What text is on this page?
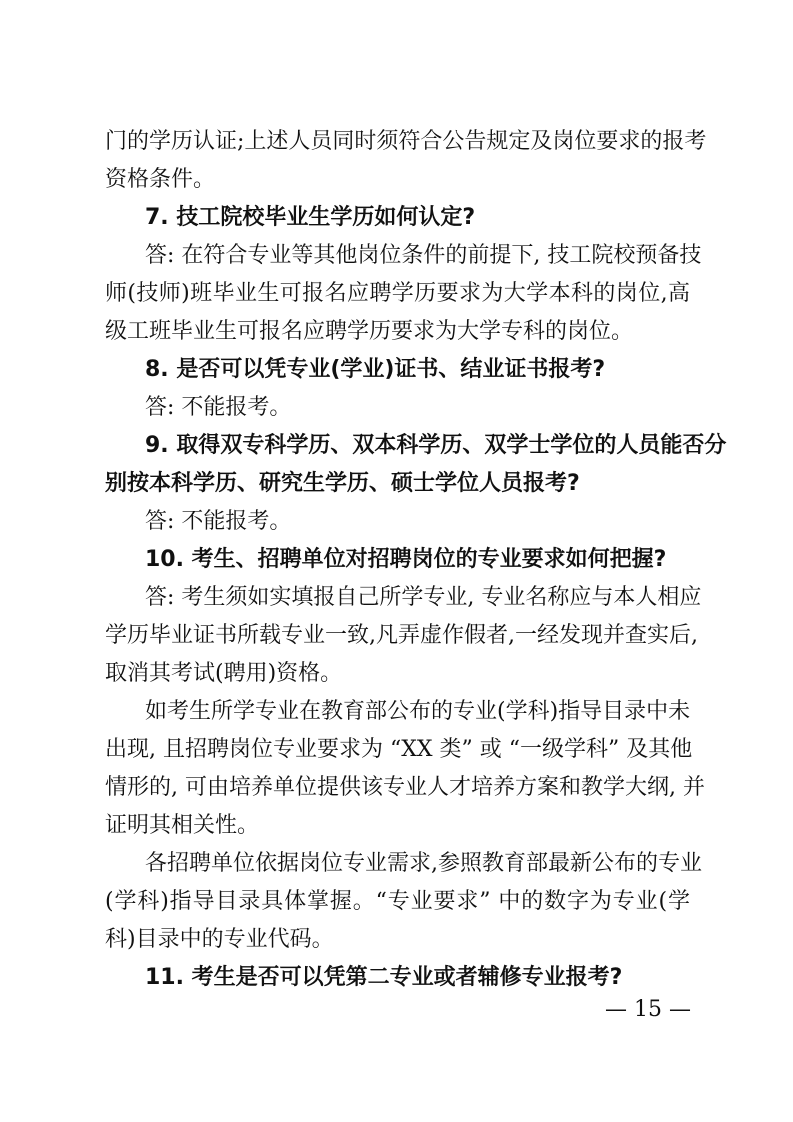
门的学历认证;上述人员同时须符合公告规定及岗位要求的报考

资格条件。

7. 技工院校毕业生学历如何认定?

答: 在符合专业等其他岗位条件的前提下, 技工院校预备技

师(技师)班毕业生可报名应聘学历要求为大学本科的岗位,高

级工班毕业生可报名应聘学历要求为大学专科的岗位。

8. 是否可以凭专业(学业)证书、结业证书报考?

答: 不能报考。

9. 取得双专科学历、双本科学历、双学士学位的人员能否分

别按本科学历、研究生学历、硕士学位人员报考?

答: 不能报考。

10. 考生、招聘单位对招聘岗位的专业要求如何把握?

答: 考生须如实填报自己所学专业, 专业名称应与本人相应

学历毕业证书所载专业一致,凡弄虚作假者,一经发现并查实后,

取消其考试(聘用)资格。

如考生所学专业在教育部公布的专业(学科)指导目录中未

出现, 且招聘岗位专业要求为 “XX 类” 或 “一级学科” 及其他

情形的, 可由培养单位提供该专业人才培养方案和教学大纲, 并

证明其相关性。

各招聘单位依据岗位专业需求,参照教育部最新公布的专业

(学科)指导目录具体掌握。“专业要求” 中的数字为专业(学

科)目录中的专业代码。

11. 考生是否可以凭第二专业或者辅修专业报考?

— 15 —
